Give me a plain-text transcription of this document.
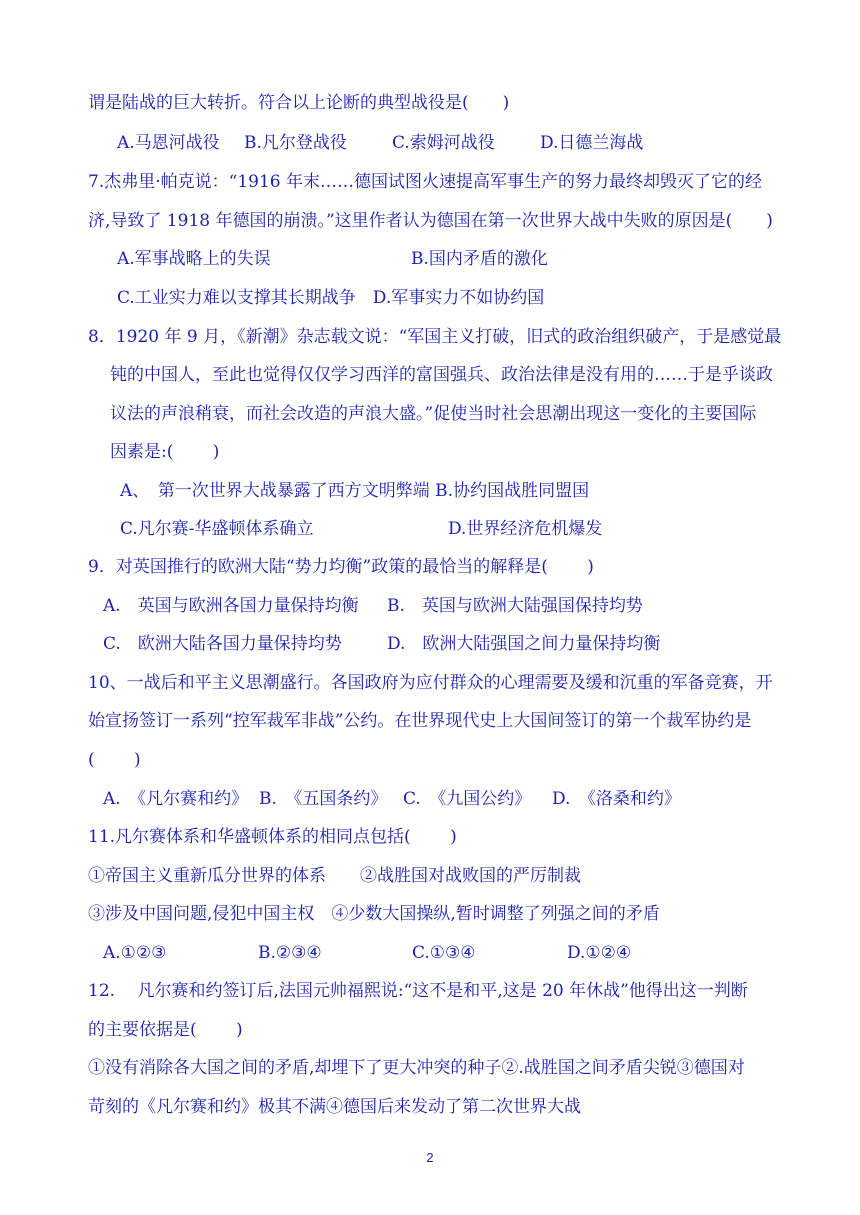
谓是陆战的巨大转折。符合以上论断的典型战役是(　　)

A.马恩河战役

B.凡尔登战役

	C.索姆河战役

	D.日德兰海战

7.杰弗里·帕克说：“1916 年末……德国试图火速提高军事生产的努力最终却毁灭了它的经
济,导致了 1918 年德国的崩溃。”这里作者认为德国在第一次世界大战中失败的原因是(　　)

A.军事战略上的失误

	B.国内矛盾的激化

C.工业实力难以支撑其长期战争　D.军事实力不如协约国
8．1920 年 9 月，《新潮》杂志载文说：“军国主义打破，旧式的政治组织破产，于是感觉最
钝的中国人，至此也觉得仅仅学习西洋的富国强兵、政治法律是没有用的……于是乎谈政
议法的声浪稍衰，而社会改造的声浪大盛。”促使当时社会思潮出现这一变化的主要国际
因素是:(　　 )
A、　第一次世界大战暴露了西方文明弊端 B.协约国战胜同盟国

C.凡尔赛-华盛顿体系确立

	D.世界经济危机爆发

9．对英国推行的欧洲大陆“势力均衡”政策的最恰当的解释是(　　 )

A.　英国与欧洲各国力量保持均衡

B.　英国与欧洲大陆强国保持均势

C.　欧洲大陆各国力量保持均势

	D.　欧洲大陆强国之间力量保持均衡

10、一战后和平主义思潮盛行。各国政府为应付群众的心理需要及缓和沉重的军备竞赛，开
始宣扬签订一系列“控军裁军非战”公约。在世界现代史上大国间签订的第一个裁军协约是
(　　 )

A.　《凡尔赛和约》

B.　《五国条约》

C.　《九国公约》

D.　《洛桑和约》

11.凡尔赛体系和华盛顿体系的相同点包括(　　 )
①帝国主义重新瓜分世界的体系　　②战胜国对战败国的严厉制裁
③涉及中国问题,侵犯中国主权　④少数大国操纵,暂时调整了列强之间的矛盾

A.①②③

	B.②③④

	C.①③④

	D.①②④

12.　 凡尔赛和约签订后,法国元帅福熙说:“这不是和平,这是 20 年休战”他得出这一判断
的主要依据是(　　 )
①没有消除各大国之间的矛盾,却埋下了更大冲突的种子②.战胜国之间矛盾尖锐③德国对
苛刻的《凡尔赛和约》极其不满④德国后来发动了第二次世界大战
2
